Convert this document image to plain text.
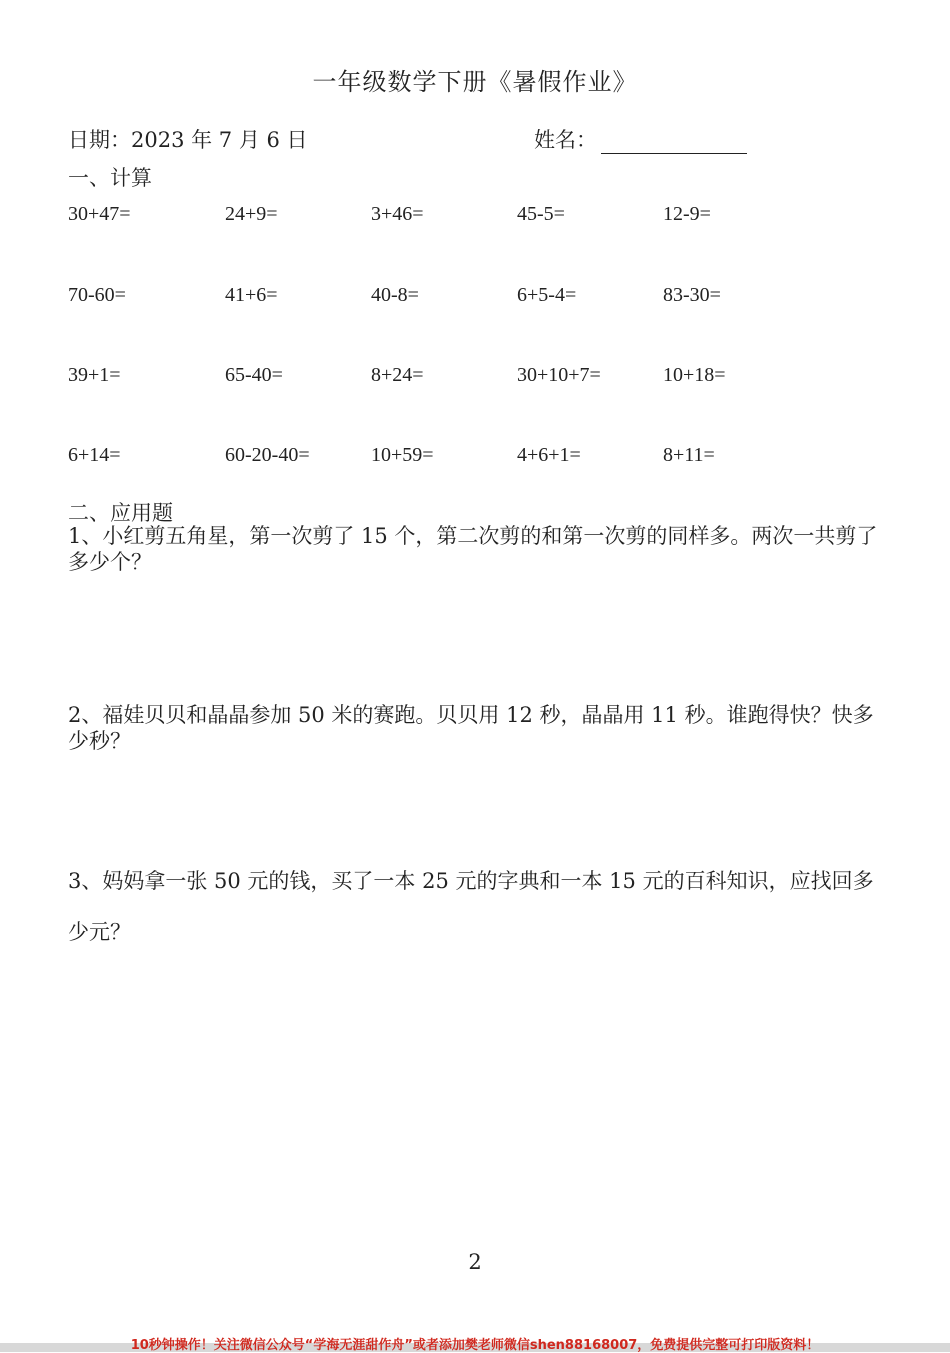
一年级数学下册《暑假作业》
日期：2023 年 7 月 6 日	姓名：
一、计算
30+47=	24+9=	3+46=	45-5=	12-9=
70-60=	41+6=	40-8=	6+5-4=	83-30=
39+1=	65-40=	8+24=	30+10+7=	10+18=
6+14=	60-20-40=	10+59=	4+6+1=	8+11=
二、应用题
1、小红剪五角星，第一次剪了 15 个，第二次剪的和第一次剪的同样多。两次一共剪了多少个？
2、福娃贝贝和晶晶参加 50 米的赛跑。贝贝用 12 秒，晶晶用 11 秒。谁跑得快？快多少秒？
3、妈妈拿一张 50 元的钱，买了一本 25 元的字典和一本 15 元的百科知识，应找回多少元？
2
10秒钟操作！关注微信公众号“学海无涯甜作舟”或者添加樊老师微信shen88168007，免费提供完整可打印版资料！
